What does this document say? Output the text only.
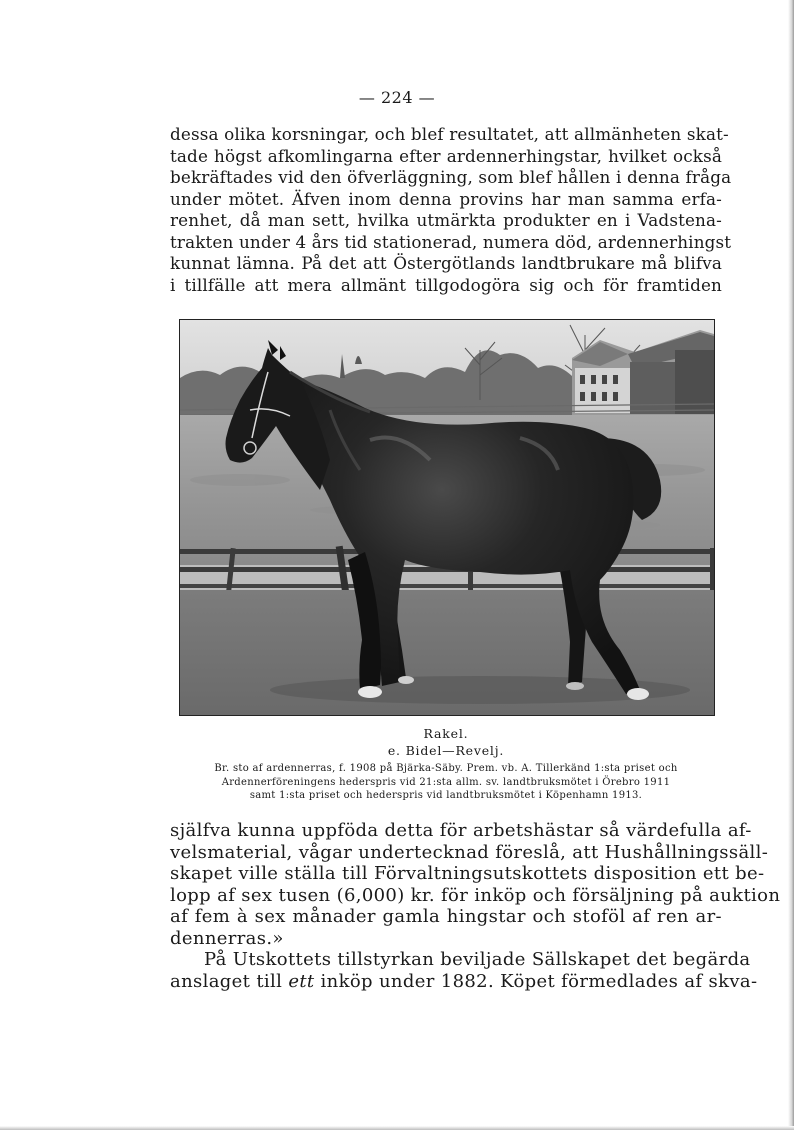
— 224 —
dessa olika korsningar, och blef resultatet, att allmänheten skat-
tade högst afkomlingarna efter ardennerhingstar, hvilket också
bekräftades vid den öfverläggning, som blef hållen i denna fråga
under mötet. Äfven inom denna provins har man samma erfa-
renhet, då man sett, hvilka utmärkta produkter en i Vadstena-
trakten under 4 års tid stationerad, numera död, ardennerhingst
kunnat lämna. På det att Östergötlands landtbrukare må blifva
i tillfälle att mera allmänt tillgodogöra sig och för framtiden
Rakel.
e. Bidel—Revelj.
Br. sto af ardennerras, f. 1908 på Bjärka-Säby. Prem. vb. A. Tillerkänd 1:sta priset och
Ardennerföreningens hederspris vid 21:sta allm. sv. landtbruksmötet i Örebro 1911
samt 1:sta priset och hederspris vid landtbruksmötet i Köpenhamn 1913.
själfva kunna uppföda detta för arbetshästar så värdefulla af-
velsmaterial, vågar undertecknad föreslå, att Hushållningssäll-
skapet ville ställa till Förvaltningsutskottets disposition ett be-
lopp af sex tusen (6,000) kr. för inköp och försäljning på auktion
af fem à sex månader gamla hingstar och stoföl af ren ar-
dennerras.»
På Utskottets tillstyrkan beviljade Sällskapet det begärda
anslaget till ett inköp under 1882. Köpet förmedlades af skva-
